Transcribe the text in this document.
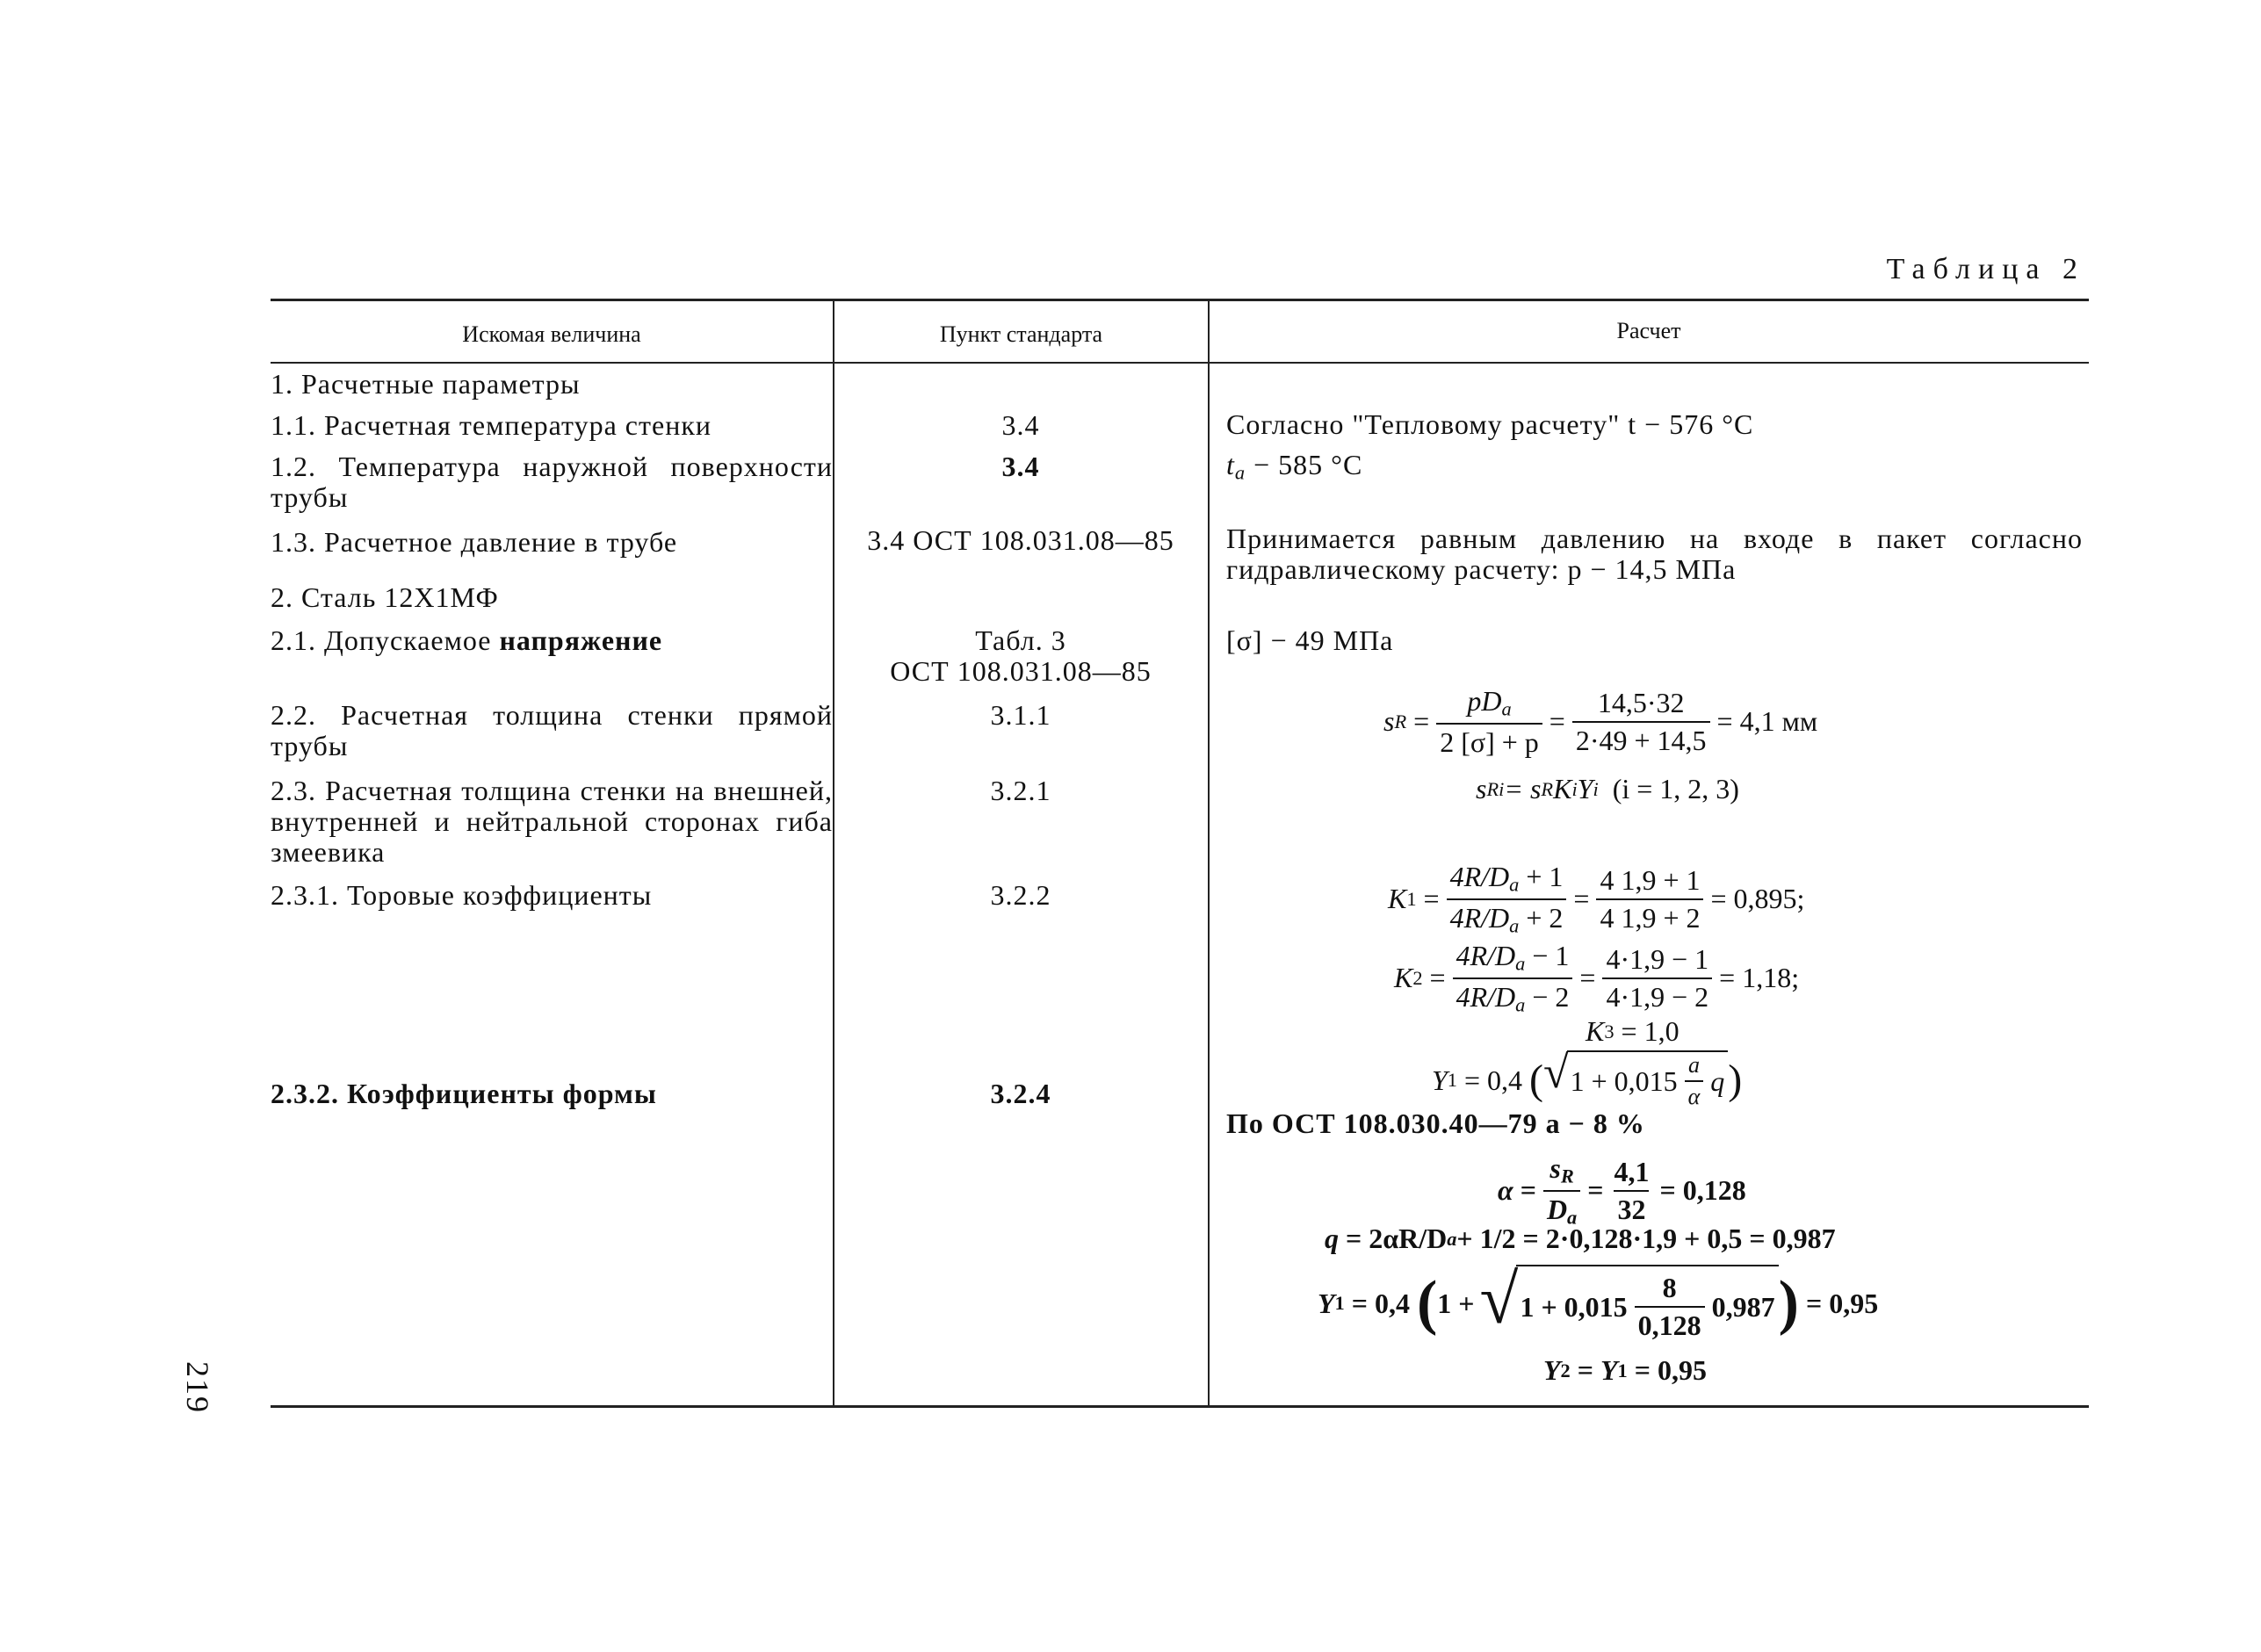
Таблица 2
Искомая величина	Пункт стандарта	Расчет
1. Расчетные параметры
1.1. Расчетная температура стенки
1.2. Температура наружной поверхности трубы
1.3. Расчетное давление в трубе
2. Сталь 12Х1МФ
2.1. Допускаемое напряжение
2.2. Расчетная толщина стенки прямой трубы
2.3. Расчетная толщина стенки на внешней, внутренней и нейтральной сторонах гиба змеевика
2.3.1. Торовые коэффициенты
2.3.2. Коэффициенты формы
3.4
3.4
3.4 ОСТ 108.031.08—85
Табл. 3
ОСТ 108.031.08—85
3.1.1
3.2.1
3.2.2
3.2.4
Согласно "Тепловому расчету" t − 576 °С
$t_a - 585$ °С
Принимается равным давлению на входе в пакет согласно гидравлическому расчету: p − 14,5 МПа
[σ] − 49 МПа
s $R = \frac{pD_a}{2 [\sigma] + p} = \frac{14,5\cdot 32}{2\cdot 49 + 14,5} = 4,1$ мм
s Ri = s R K i Y i
(i = 1, 2, 3)
K $1 = \frac{4R/D_a + 1}{4R/D_a + 2} = \frac{4 1,9 + 1}{4 1,9 + 2} = 0,895$;
K $2 = \frac{4R/D_a - 1}{4R/D_a - 2} = \frac{4\cdot 1,9 - 1}{4\cdot 1,9 - 2} = 1,18$;
K 3
= 1,0
Y 1
= 0,4
( √ $1 + 0,015 \frac{a}{\alpha}$ q )
По ОСТ 108.030.40—79 a − 8 %
$\alpha = \frac{s_R}{D_a} = \frac{4,1}{32} = 0,128$
q
= 2αR/D a + 1/2 = 2·0,128·1,9 + 0,5 = 0,987
Y 1 = 0,4 ( 1 + √ $1 + 0,015 \frac{8}{0,128} 0,987$ )
= 0,95
Y 2 = Y 1
= 0,95
219
